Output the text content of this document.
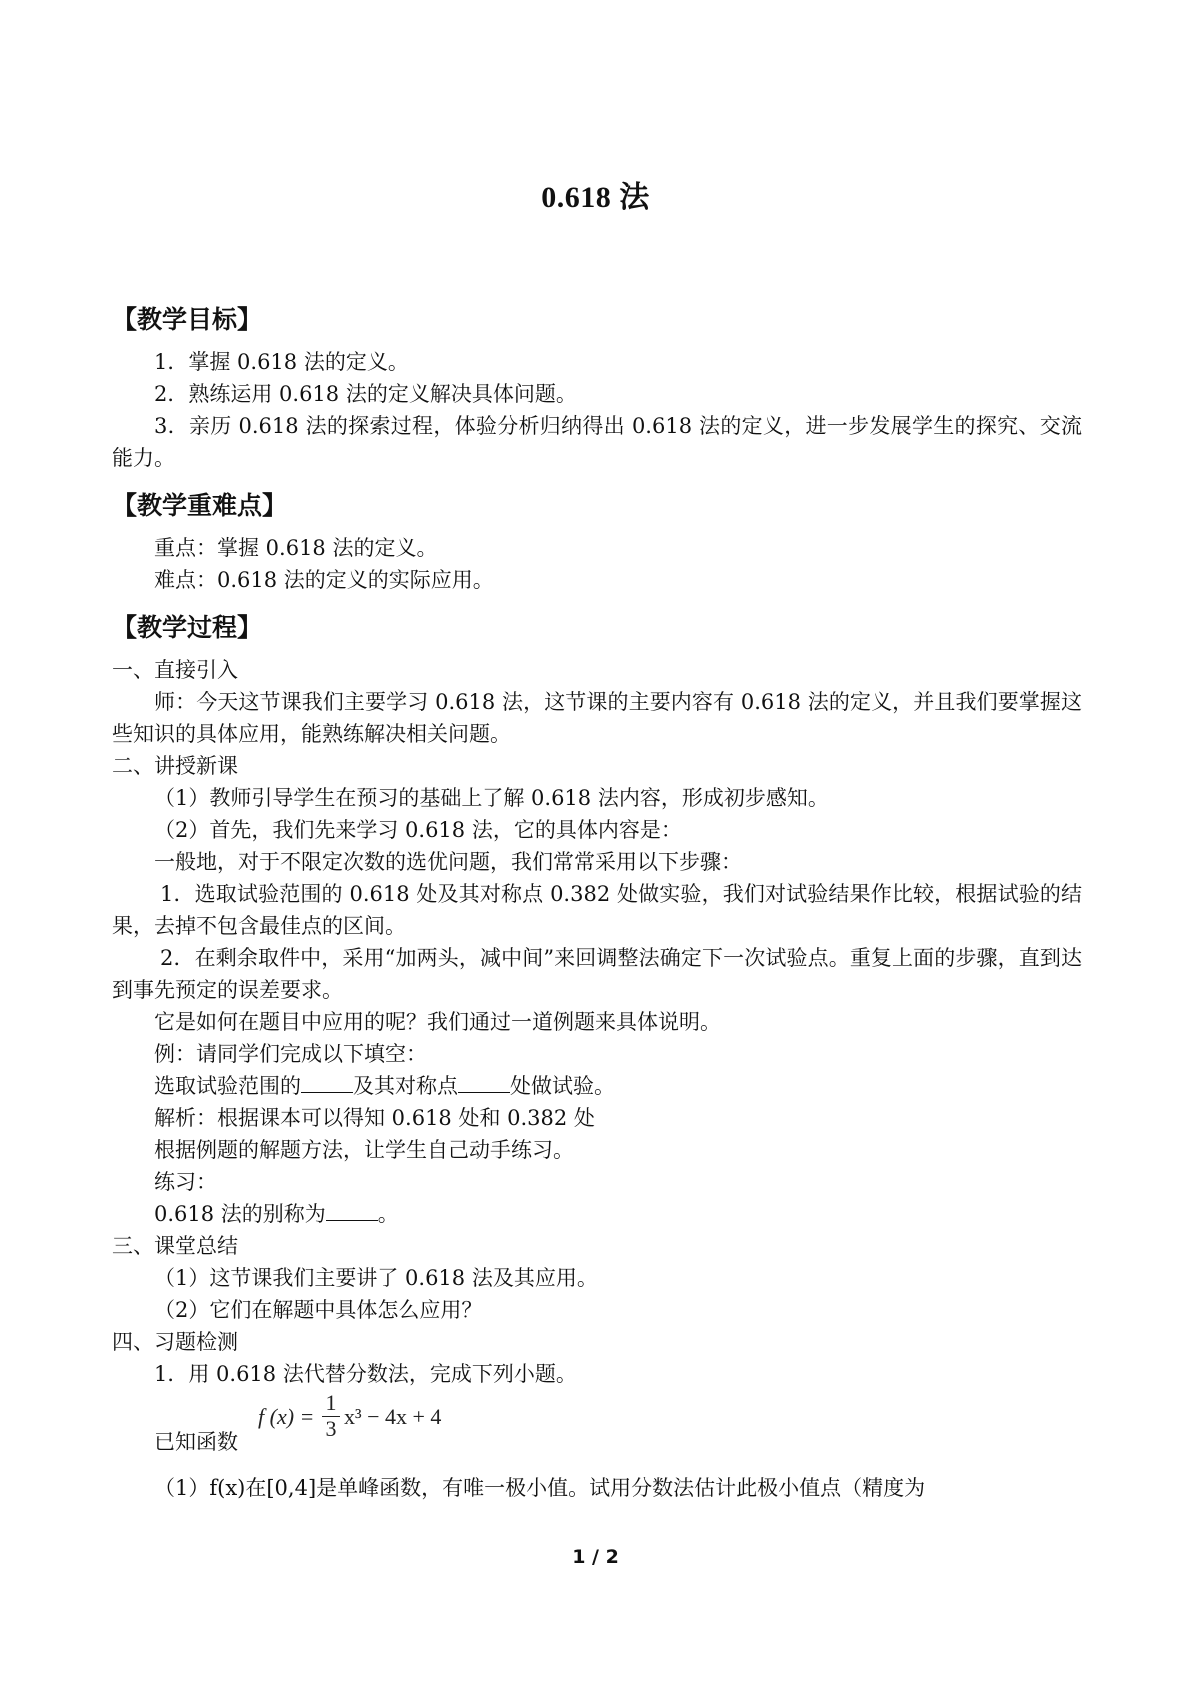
0.618 法
【教学目标】

1．掌握 0.618 法的定义。

2．熟练运用 0.618 法的定义解决具体问题。

3．亲历 0.618 法的探索过程，体验分析归纳得出 0.618 法的定义，进一步发展学生的探究、交流能力。

【教学重难点】

重点：掌握 0.618 法的定义。

难点：0.618 法的定义的实际应用。

【教学过程】

一、直接引入

师：今天这节课我们主要学习 0.618 法，这节课的主要内容有 0.618 法的定义，并且我们要掌握这些知识的具体应用，能熟练解决相关问题。

二、讲授新课

（1）教师引导学生在预习的基础上了解 0.618 法内容，形成初步感知。

（2）首先，我们先来学习 0.618 法，它的具体内容是：

一般地，对于不限定次数的选优问题，我们常常采用以下步骤：

1．选取试验范围的 0.618 处及其对称点 0.382 处做实验，我们对试验结果作比较，根据试验的结果，去掉不包含最佳点的区间。

2．在剩余取件中，采用“加两头，减中间”来回调整法确定下一次试验点。重复上面的步骤，直到达到事先预定的误差要求。

它是如何在题目中应用的呢？我们通过一道例题来具体说明。

例：请同学们完成以下填空：

选取试验范围的 及其对称点 处做试验。

解析：根据课本可以得知 0.618 处和 0.382 处

根据例题的解题方法，让学生自己动手练习。

练习：

0.618 法的别称为 。

三、课堂总结

（1）这节课我们主要讲了 0.618 法及其应用。

（2）它们在解题中具体怎么应用？

四、习题检测

1．用 0.618 法代替分数法，完成下列小题。

已知函数
f (x) =
1
3 x³ − 4x + 4

（1）f(x)在[0,4]是单峰函数，有唯一极小值。试用分数法估计此极小值点（精度为

1 / 2
